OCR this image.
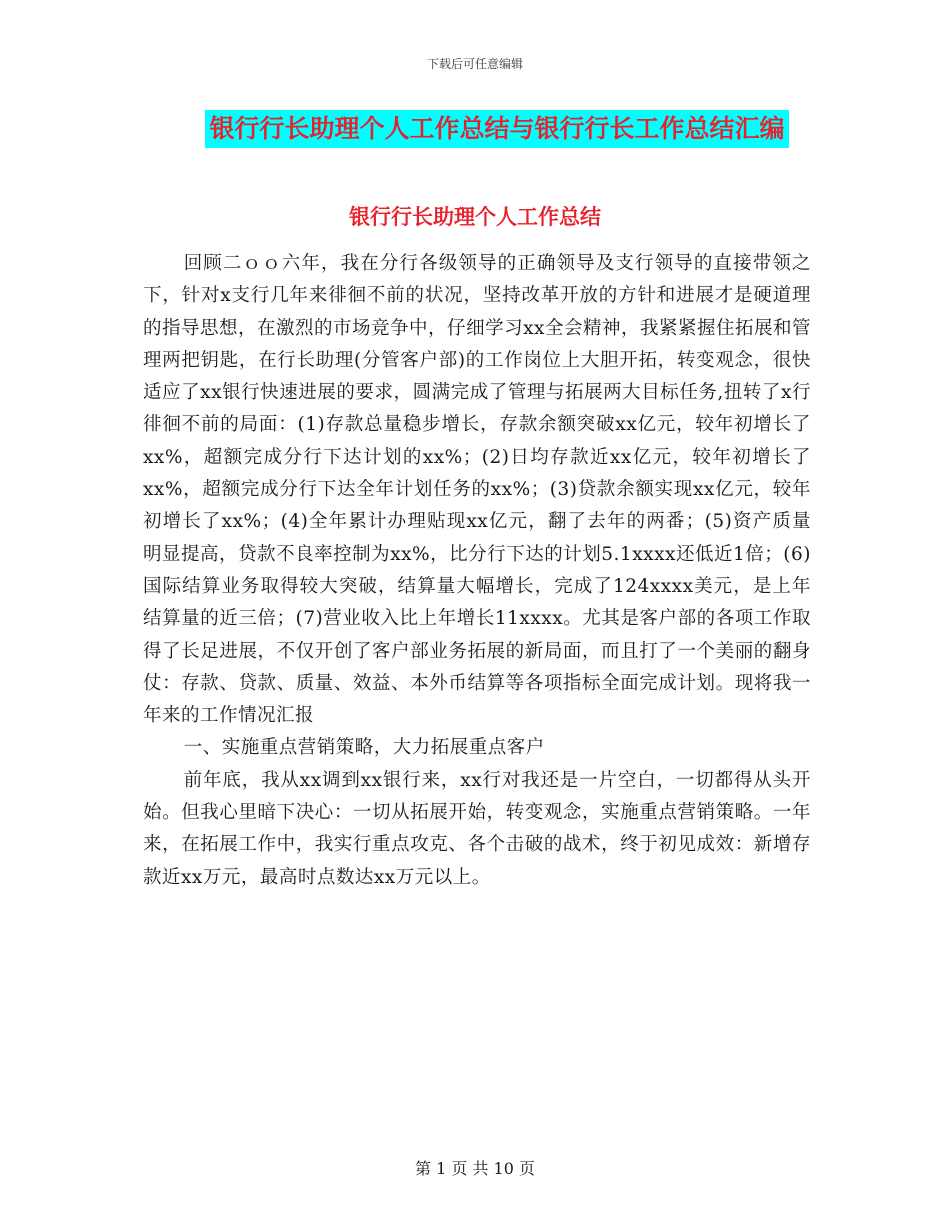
下载后可任意编辑
银行行长助理个人工作总结与银行行长工作总结汇编
银行行长助理个人工作总结

回顾二ｏｏ六年，我在分行各级领导的正确领导及支行领导的直接带领之下，针对x支行几年来徘徊不前的状况，坚持改革开放的方针和进展才是硬道理的指导思想，在激烈的市场竞争中，仔细学习xx全会精神，我紧紧握住拓展和管理两把钥匙，在行长助理(分管客户部)的工作岗位上大胆开拓，转变观念，很快适应了xx银行快速进展的要求，圆满完成了管理与拓展两大目标任务,扭转了x行徘徊不前的局面：(1)存款总量稳步增长，存款余额突破xx亿元，较年初增长了xx%，超额完成分行下达计划的xx%；(2)日均存款近xx亿元，较年初增长了xx%，超额完成分行下达全年计划任务的xx%；(3)贷款余额实现xx亿元，较年初增长了xx%；(4)全年累计办理贴现xx亿元，翻了去年的两番；(5)资产质量明显提高，贷款不良率控制为xx%，比分行下达的计划5.1xxxx还低近1倍；(6)国际结算业务取得较大突破，结算量大幅增长，完成了124xxxx美元，是上年结算量的近三倍；(7)营业收入比上年增长11xxxx。尤其是客户部的各项工作取得了长足进展，不仅开创了客户部业务拓展的新局面，而且打了一个美丽的翻身仗：存款、贷款、质量、效益、本外币结算等各项指标全面完成计划。现将我一年来的工作情况汇报

一、实施重点营销策略，大力拓展重点客户

前年底，我从xx调到xx银行来，xx行对我还是一片空白，一切都得从头开始。但我心里暗下决心：一切从拓展开始，转变观念，实施重点营销策略。一年来，在拓展工作中，我实行重点攻克、各个击破的战术，终于初见成效：新增存款近xx万元，最高时点数达xx万元以上。

第 1 页 共 10 页
